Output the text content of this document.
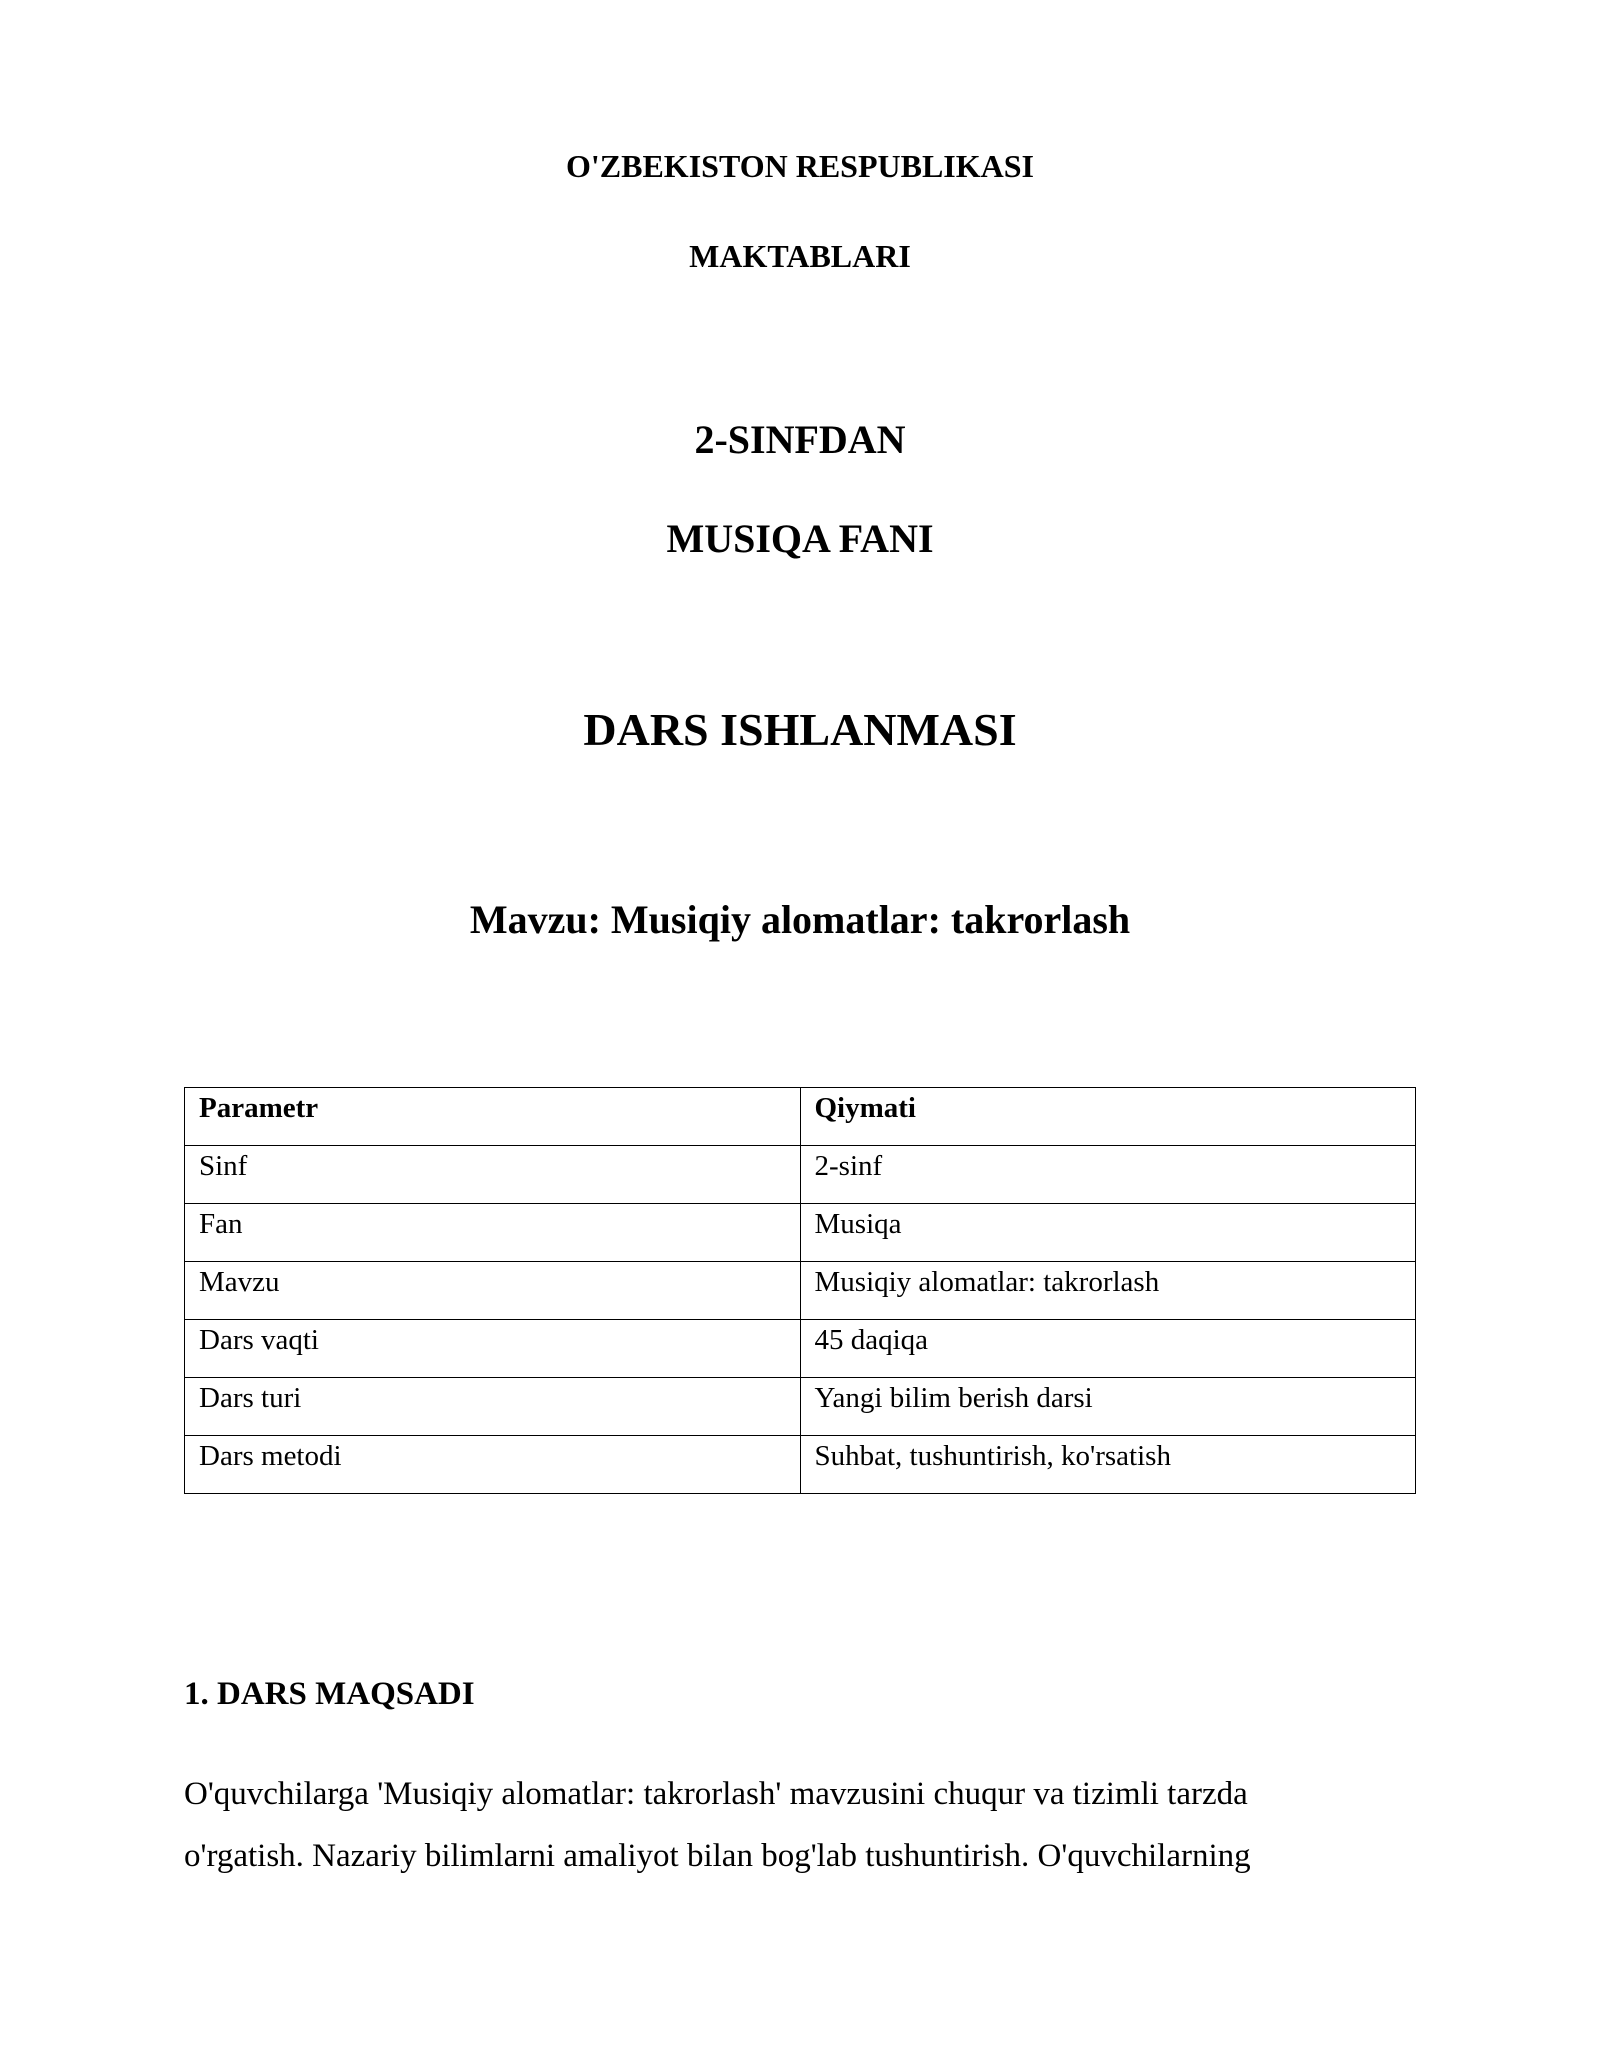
O'ZBEKISTON RESPUBLIKASI
MAKTABLARI
2-SINFDAN
MUSIQA FANI
DARS ISHLANMASI
Mavzu: Musiqiy alomatlar: takrorlash
Parametr	Qiymati
Sinf	2-sinf
Fan	Musiqa
Mavzu	Musiqiy alomatlar: takrorlash
Dars vaqti	45 daqiqa
Dars turi	Yangi bilim berish darsi
Dars metodi	Suhbat, tushuntirish, ko'rsatish
1. DARS MAQSADI
O'quvchilarga 'Musiqiy alomatlar: takrorlash' mavzusini chuqur va tizimli tarzda
o'rgatish. Nazariy bilimlarni amaliyot bilan bog'lab tushuntirish. O'quvchilarning
